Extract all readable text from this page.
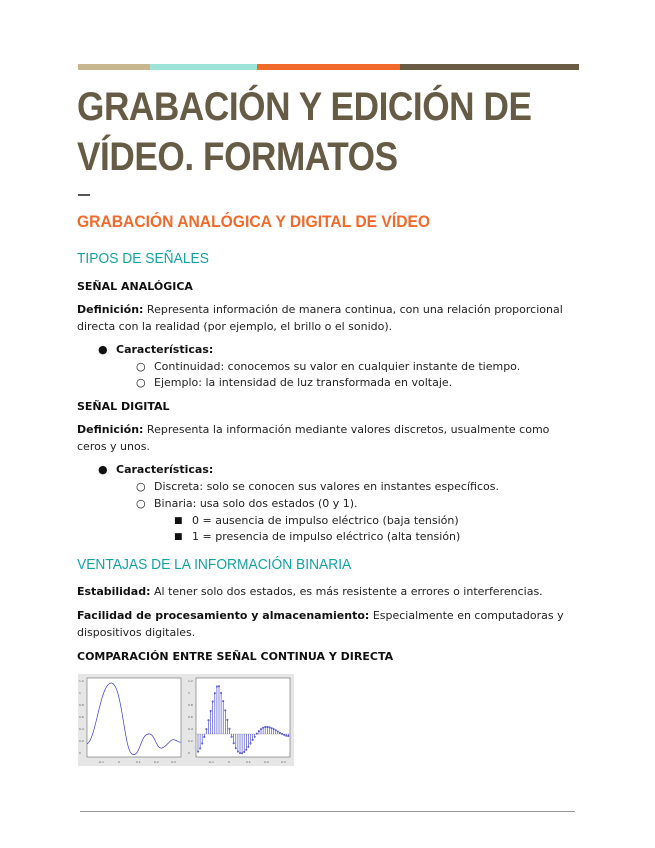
GRABACIÓN Y EDICIÓN DE
VÍDEO. FORMATOS
GRABACIÓN ANALÓGICA Y DIGITAL DE VÍDEO
TIPOS DE SEÑALES
SEÑAL ANALÓGICA

Definición: Representa información de manera continua, con una relación proporcional directa con la realidad (por ejemplo, el brillo o el sonido).

● Características:
○ Continuidad: conocemos su valor en cualquier instante de tiempo.
○ Ejemplo: la intensidad de luz transformada en voltaje.
SEÑAL DIGITAL

Definición: Representa la información mediante valores discretos, usualmente como ceros y unos.

● Características:
○ Discreta: solo se conocen sus valores en instantes específicos.
○ Binaria: usa solo dos estados (0 y 1).
■ 0 = ausencia de impulso eléctrico (baja tensión)
■ 1 = presencia de impulso eléctrico (alta tensión)
VENTAJAS DE LA INFORMACIÓN BINARIA

Estabilidad: Al tener solo dos estados, es más resistente a errores o interferencias.

Facilidad de procesamiento y almacenamiento: Especialmente en computadoras y dispositivos digitales.

COMPARACIÓN ENTRE SEÑAL CONTINUA Y DIRECTA
1.2
1
0.8
0.6
0.4
0.2
0
-0.1	0	0.1	0.2	0.3
1.2
1
0.8
0.6
0.4
0.2
0
-0.1	0	0.1	0.2	0.3
